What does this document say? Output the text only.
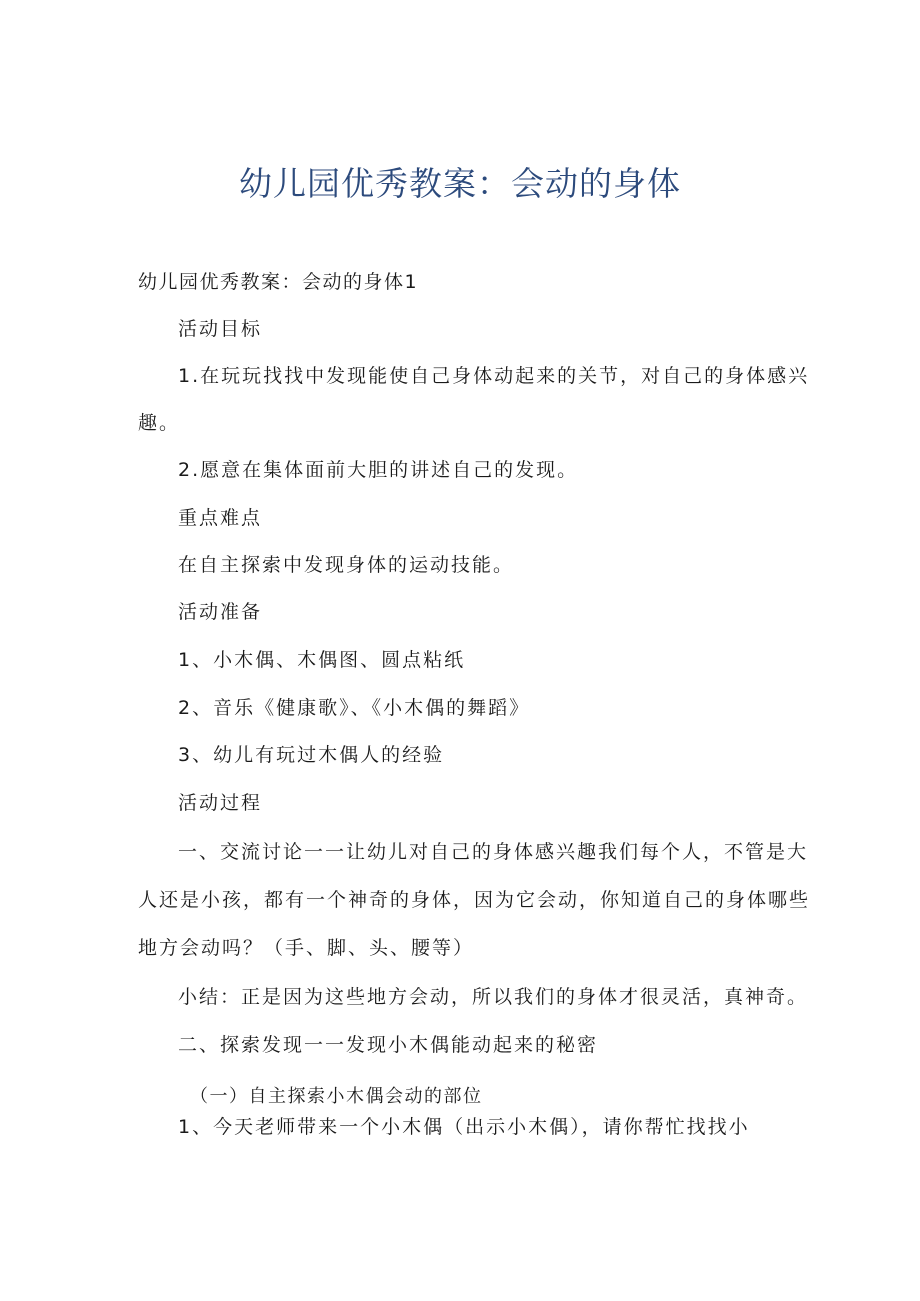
幼儿园优秀教案：会动的身体
幼儿园优秀教案：会动的身体1
活动目标
1.在玩玩找找中发现能使自己身体动起来的关节，对自己的身体感兴
趣。
2.愿意在集体面前大胆的讲述自己的发现。
重点难点
在自主探索中发现身体的运动技能。
活动准备
1、小木偶、木偶图、圆点粘纸
2、音乐《健康歌》、《小木偶的舞蹈》
3、幼儿有玩过木偶人的经验
活动过程
一、交流讨论一一让幼儿对自己的身体感兴趣我们每个人，不管是大
人还是小孩，都有一个神奇的身体，因为它会动，你知道自己的身体哪些
地方会动吗？（手、脚、头、腰等）
小结：正是因为这些地方会动，所以我们的身体才很灵活，真神奇。
二、探索发现一一发现小木偶能动起来的秘密
（一）自主探索小木偶会动的部位
1、今天老师带来一个小木偶（出示小木偶），请你帮忙找找小
